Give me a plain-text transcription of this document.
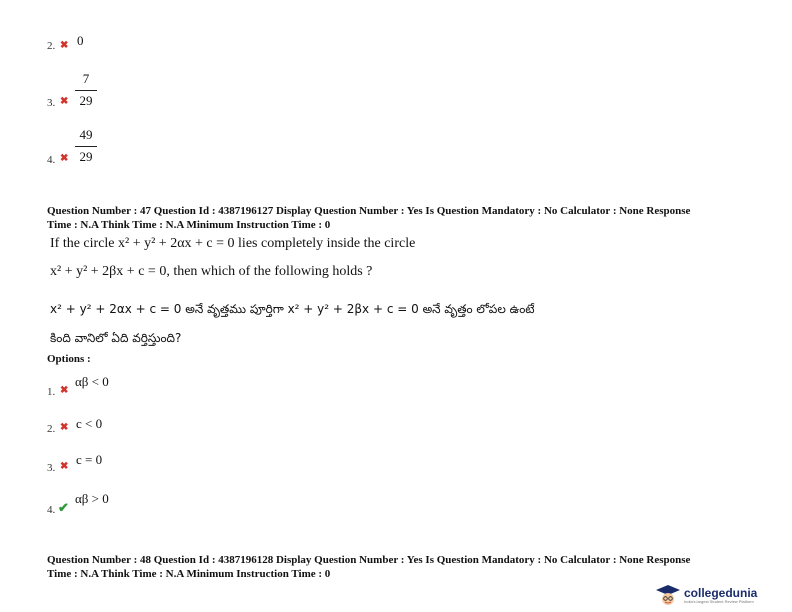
2. ✖ 0
3. ✖
7
29
4. ✖
49
29
Question Number : 47 Question Id : 4387196127 Display Question Number : Yes Is Question Mandatory : No Calculator : None Response
Time : N.A Think Time : N.A Minimum Instruction Time : 0
If the circle x² + y² + 2αx + c = 0 lies completely inside the circle
x² + y² + 2βx + c = 0, then which of the following holds ?
x² + y² + 2αx + c = 0 అనే వృత్తము పూర్తిగా x² + y² + 2βx + c = 0 అనే వృత్తం లోపల ఉంటే
కింది వానిలో ఏది వర్తిస్తుంది?
Options :
1. ✖
αβ < 0
2. ✖ c < 0
3. ✖ c = 0
4. ✔
αβ > 0
Question Number : 48 Question Id : 4387196128 Display Question Number : Yes Is Question Mandatory : No Calculator : None Response
Time : N.A Think Time : N.A Minimum Instruction Time : 0
collegedunia
India's largest Student Review Platform
